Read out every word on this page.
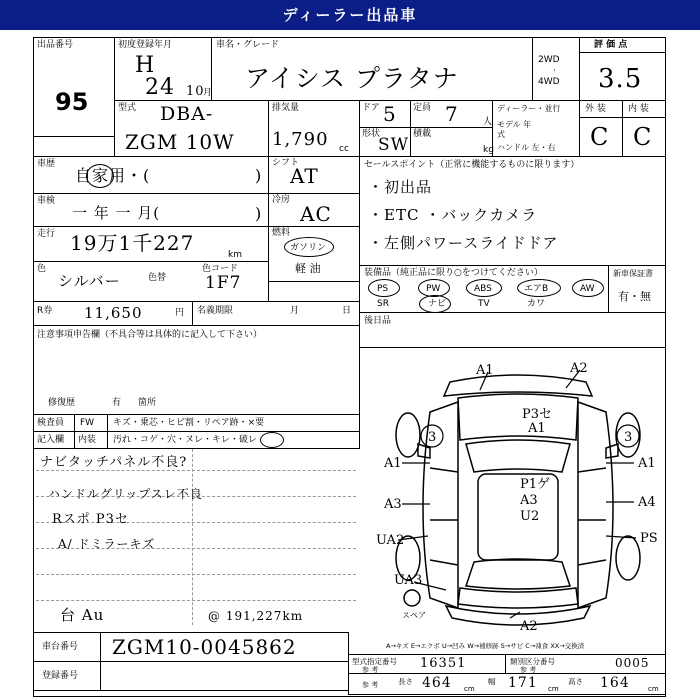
ディーラー出品車
出品番号
95
初度登録年月
H
24 10
月
車名・グレード
アイシス プラタナ
2WD
·
4WD
評 価 点
3.5
型式 DBA-
ZGM 10W
排気量
1,790 cc
ドア 5 定員 7	人
形状
SW
積載
kg
ディーラー・並行
モデル 年式
ハンドル 左・右
外 装 内 装
C C
車歴
自家用・(	)
シフト
AT
車検
一 年 一 月(	)
冷房
AC
走行 19万1千227	km
燃料
ガソリン
軽 油
色
シルバー	色替
色コード
1F7
R券 11,650	円 名義期限	月	日
注意事項申告欄（不具合等は具体的に記入して下さい）
修復歴	有 箇所
検査員 FW キズ・乗芯・ヒビ割・リペア跡・×要
記入欄 内装 汚れ・コゲ・穴・ヌレ・キレ・破レ
ナビタッチパネル不良?
ハンドルグリップスレ不良
Rスポ P3セ
A/ ドミラーキズ
台 Au	@ 191,227km
車台番号 ZGM10-0045862
登録番号
セールスポイント（正常に機能するものに限ります）
・初出品
・ETC ・バックカメラ
・左側パワースライドドア
装備品（純正品に限り○をつけてください）
PS	PW	ABS	エアB	AW
SR	ナビ	TV	カワ
新車保証書
有・無
後日品
A1	A2
3	3
A1	A1
A3	A4
UA2	PS
UA3
P3セ
A1
P1ゲ
A3
U2
A2
スペア
A→キズ E→エクボ U→凹み W→補修跡 S→サビ C→凍食 XX→交換済
型式指定番号
参 考	16351	類別区分番号
参 考	0005
参 考	長さ 464 cm
幅 171 cm
高さ 164	cm
